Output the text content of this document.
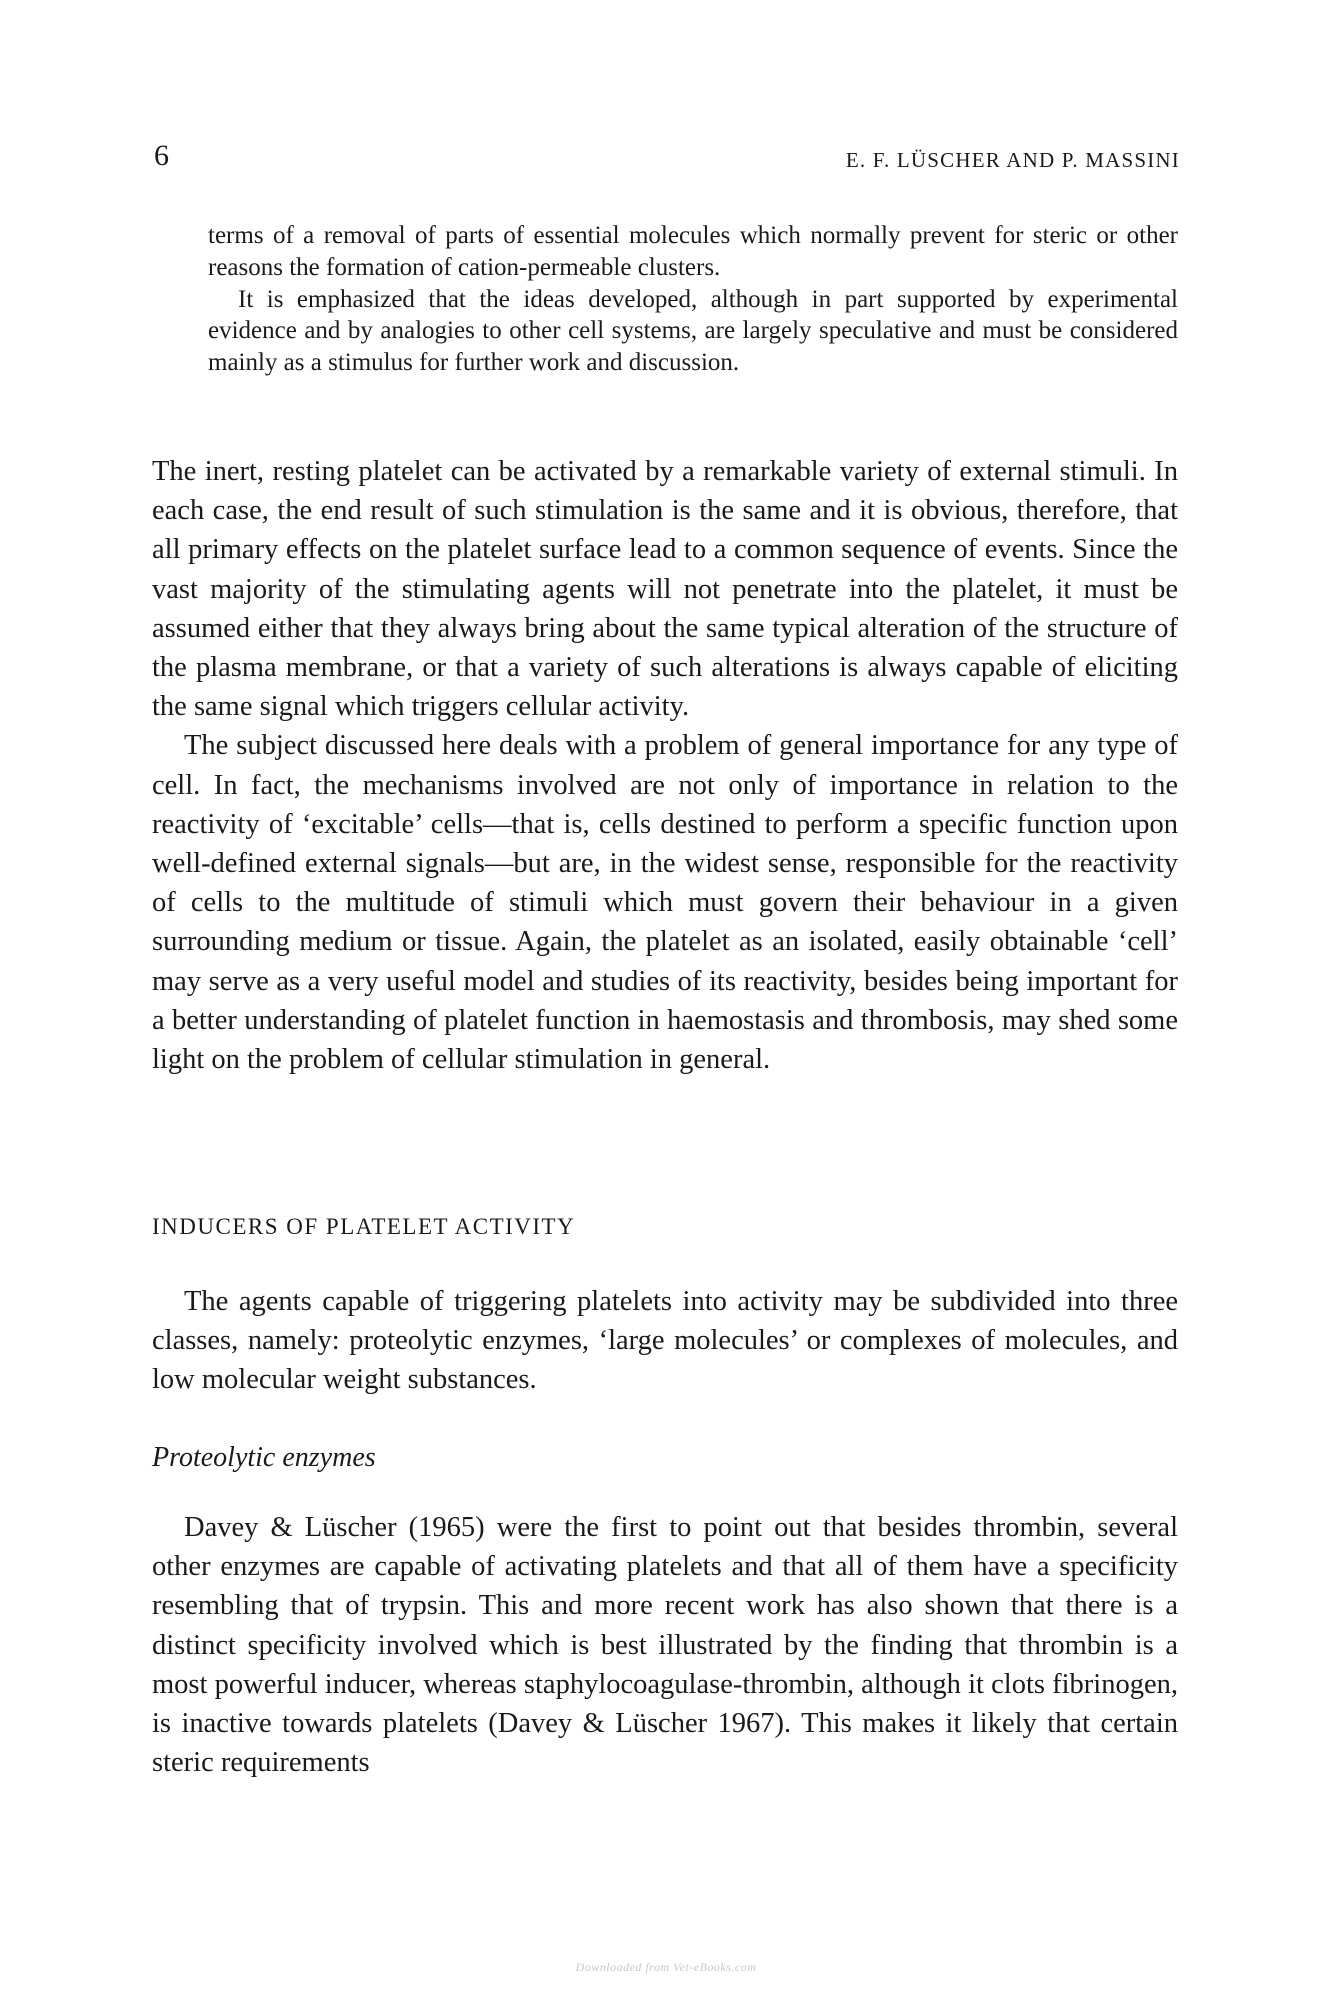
6	E. F. LÜSCHER AND P. MASSINI

terms of a removal of parts of essential molecules which normally prevent for steric or other reasons the formation of cation-permeable clusters.

It is emphasized that the ideas developed, although in part supported by experimental evidence and by analogies to other cell systems, are largely speculative and must be considered mainly as a stimulus for further work and discussion.

The inert, resting platelet can be activated by a remarkable variety of external stimuli. In each case, the end result of such stimulation is the same and it is obvious, therefore, that all primary effects on the platelet surface lead to a common sequence of events. Since the vast majority of the stimulating agents will not penetrate into the platelet, it must be assumed either that they always bring about the same typical alteration of the structure of the plasma membrane, or that a variety of such alterations is always capable of eliciting the same signal which triggers cellular activity.

The subject discussed here deals with a problem of general importance for any type of cell. In fact, the mechanisms involved are not only of importance in relation to the reactivity of ‘excitable’ cells—that is, cells destined to perform a specific function upon well-defined external signals—but are, in the widest sense, responsible for the reactivity of cells to the multitude of stimuli which must govern their behaviour in a given surrounding medium or tissue. Again, the platelet as an isolated, easily obtainable ‘cell’ may serve as a very useful model and studies of its reactivity, besides being important for a better understanding of platelet function in haemostasis and thrombosis, may shed some light on the problem of cellular stimulation in general.

INDUCERS OF PLATELET ACTIVITY

The agents capable of triggering platelets into activity may be subdivided into three classes, namely: proteolytic enzymes, ‘large molecules’ or complexes of molecules, and low molecular weight substances.

Proteolytic enzymes

Davey & Lüscher (1965) were the first to point out that besides thrombin, several other enzymes are capable of activating platelets and that all of them have a specificity resembling that of trypsin. This and more recent work has also shown that there is a distinct specificity involved which is best illustrated by the finding that thrombin is a most powerful inducer, whereas staphylocoagulase-thrombin, although it clots fibrinogen, is inactive towards platelets (Davey & Lüscher 1967). This makes it likely that certain steric requirements

Downloaded from Vet-eBooks.com
